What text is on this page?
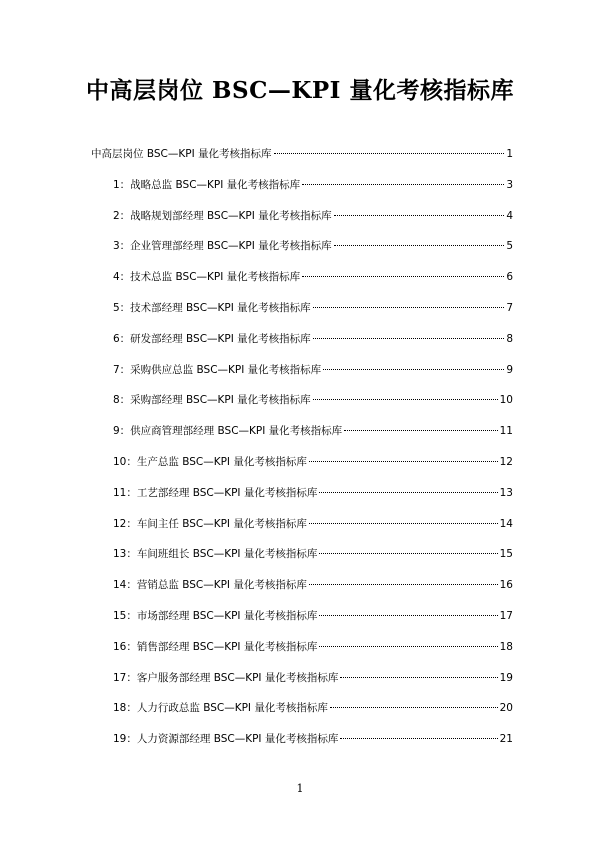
中高层岗位 BSC—KPI 量化考核指标库
中高层岗位 BSC—KPI 量化考核指标库	1
1：战略总监 BSC—KPI 量化考核指标库	3
2：战略规划部经理 BSC—KPI 量化考核指标库	4
3：企业管理部经理 BSC—KPI 量化考核指标库	5
4：技术总监 BSC—KPI 量化考核指标库	6
5：技术部经理 BSC—KPI 量化考核指标库	7
6：研发部经理 BSC—KPI 量化考核指标库	8
7：采购供应总监 BSC—KPI 量化考核指标库	9
8：采购部经理 BSC—KPI 量化考核指标库	10
9：供应商管理部经理 BSC—KPI 量化考核指标库	11
10：生产总监 BSC—KPI 量化考核指标库	12
11：工艺部经理 BSC—KPI 量化考核指标库	13
12：车间主任 BSC—KPI 量化考核指标库	14
13：车间班组长 BSC—KPI 量化考核指标库	15
14：营销总监 BSC—KPI 量化考核指标库	16
15：市场部经理 BSC—KPI 量化考核指标库	17
16：销售部经理 BSC—KPI 量化考核指标库	18
17：客户服务部经理 BSC—KPI 量化考核指标库	19
18：人力行政总监 BSC—KPI 量化考核指标库	20
19：人力资源部经理 BSC—KPI 量化考核指标库	21
1
